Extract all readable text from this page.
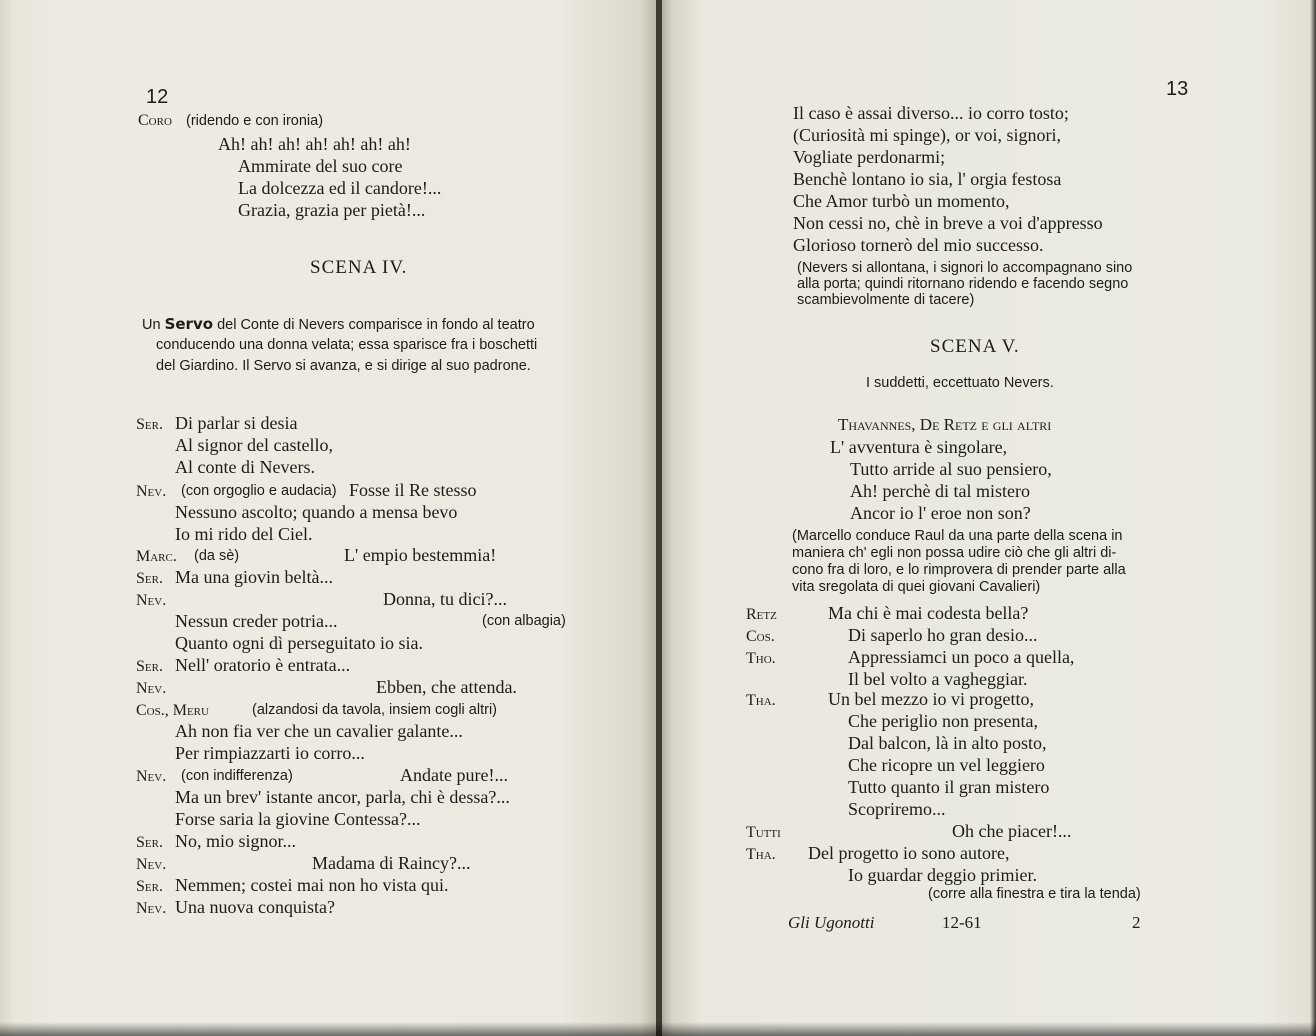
12
Coro (ridendo e con ironia)
Ah! ah! ah! ah! ah! ah! ah!
Ammirate del suo core
La dolcezza ed il candore!...
Grazia, grazia per pietà!...
SCENA IV.
Un Servo del Conte di Nevers comparisce in fondo al teatro
conducendo una donna velata; essa sparisce fra i boschetti
del Giardino. Il Servo si avanza, e si dirige al suo padrone.
Ser. Di parlar si desia
Al signor del castello,
Al conte di Nevers.
Nev. (con orgoglio e audacia) Fosse il Re stesso
Nessuno ascolto; quando a mensa bevo
Io mi rido del Ciel.
Marc. (da sè)	L' empio bestemmia!
Ser. Ma una giovin beltà...
Nev.	Donna, tu dici?...
Nessun creder potria...	(con albagia)
Quanto ogni dì perseguitato io sia.
Ser. Nell' oratorio è entrata...
Nev.	Ebben, che attenda.
Cos., Meru	(alzandosi da tavola, insiem cogli altri)
Ah non fia ver che un cavalier galante...
Per rimpiazzarti io corro...
Nev. (con indifferenza)	Andate pure!...
Ma un brev' istante ancor, parla, chi è dessa?...
Forse saria la giovine Contessa?...
Ser. No, mio signor...
Nev.	Madama di Raincy?...
Ser. Nemmen; costei mai non ho vista qui.
Nev. Una nuova conquista?
13
Il caso è assai diverso... io corro tosto;
(Curiosità mi spinge), or voi, signori,
Vogliate perdonarmi;
Benchè lontano io sia, l' orgia festosa
Che Amor turbò un momento,
Non cessi no, chè in breve a voi d'appresso
Glorioso tornerò del mio successo.
(Nevers si allontana, i signori lo accompagnano sino
alla porta; quindi ritornano ridendo e facendo segno
scambievolmente di tacere)
SCENA V.
I suddetti, eccettuato Nevers.
Thavannes, De Retz e gli altri
L' avventura è singolare,
Tutto arride al suo pensiero,
Ah! perchè di tal mistero
Ancor io l' eroe non son?
(Marcello conduce Raul da una parte della scena in
maniera ch' egli non possa udire ciò che gli altri di-
cono fra di loro, e lo rimprovera di prender parte alla
vita sregolata di quei giovani Cavalieri)
Retz	Ma chi è mai codesta bella?
Cos.	Di saperlo ho gran desio...
Tho.	Appressiamci un poco a quella,
Il bel volto a vagheggiar.
Tha.	Un bel mezzo io vi progetto,
Che periglio non presenta,
Dal balcon, là in alto posto,
Che ricopre un vel leggiero
Tutto quanto il gran mistero
Scopriremo...
Tutti	Oh che piacer!...
Tha. Del progetto io sono autore,
Io guardar deggio primier.
(corre alla finestra e tira la tenda)
Gli Ugonotti	12-61	2
